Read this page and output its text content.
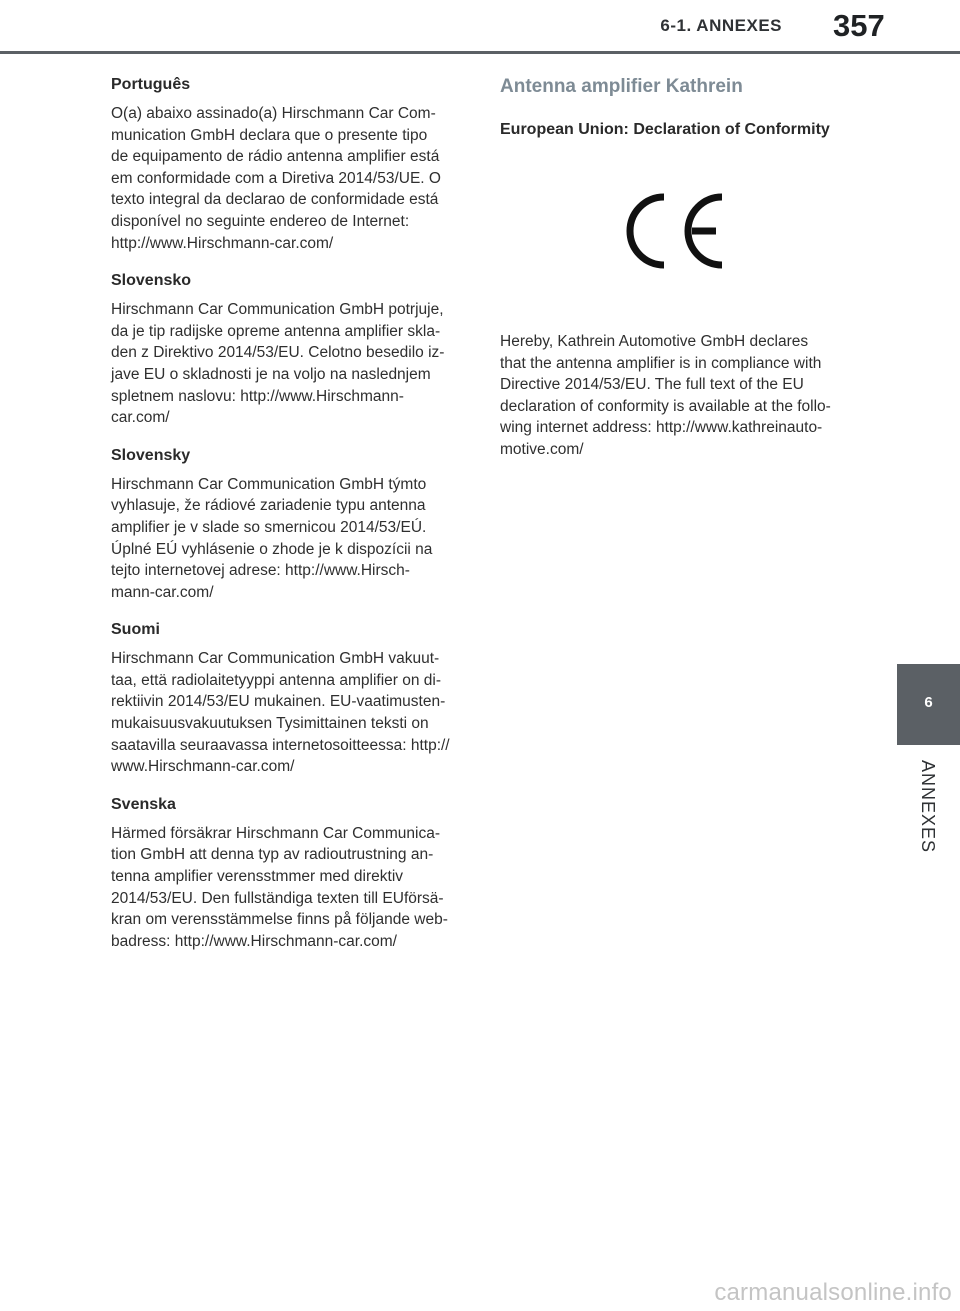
6-1. ANNEXES 357
6
ANNEXES
Português

O(a) abaixo assinado(a) Hirschmann Car Com-
munication GmbH declara que o presente tipo
de equipamento de rádio antenna amplifier está
em conformidade com a Diretiva 2014/53/UE. O
texto integral da declarao de conformidade está
disponível no seguinte endereo de Internet:
http://www.Hirschmann-car.com/

Slovensko

Hirschmann Car Communication GmbH potrjuje,
da je tip radijske opreme antenna amplifier skla-
den z Direktivo 2014/53/EU. Celotno besedilo iz-
jave EU o skladnosti je na voljo na naslednjem
spletnem naslovu: http://www.Hirschmann-
car.com/

Slovensky

Hirschmann Car Communication GmbH týmto
vyhlasuje, že rádiové zariadenie typu antenna
amplifier je v slade so smernicou 2014/53/EÚ.
Úplné EÚ vyhlásenie o zhode je k dispozícii na
tejto internetovej adrese: http://www.Hirsch-
mann-car.com/

Suomi

Hirschmann Car Communication GmbH vakuut-
taa, että radiolaitetyyppi antenna amplifier on di-
rektiivin 2014/53/EU mukainen. EU-vaatimusten-
mukaisuusvakuutuksen Tysimittainen teksti on
saatavilla seuraavassa internetosoitteessa: http://
www.Hirschmann-car.com/

Svenska

Härmed försäkrar Hirschmann Car Communica-
tion GmbH att denna typ av radioutrustning an-
tenna amplifier verensstmmer med direktiv
2014/53/EU. Den fullständiga texten till EUförsä-
kran om verensstämmelse finns på följande web-
badress: http://www.Hirschmann-car.com/

Antenna amplifier Kathrein
European Union: Declaration of Conformity

Hereby, Kathrein Automotive GmbH declares
that the antenna amplifier is in compliance with
Directive 2014/53/EU. The full text of the EU
declaration of conformity is available at the follo-
wing internet address: http://www.kathreinauto-
motive.com/

carmanualsonline.info
